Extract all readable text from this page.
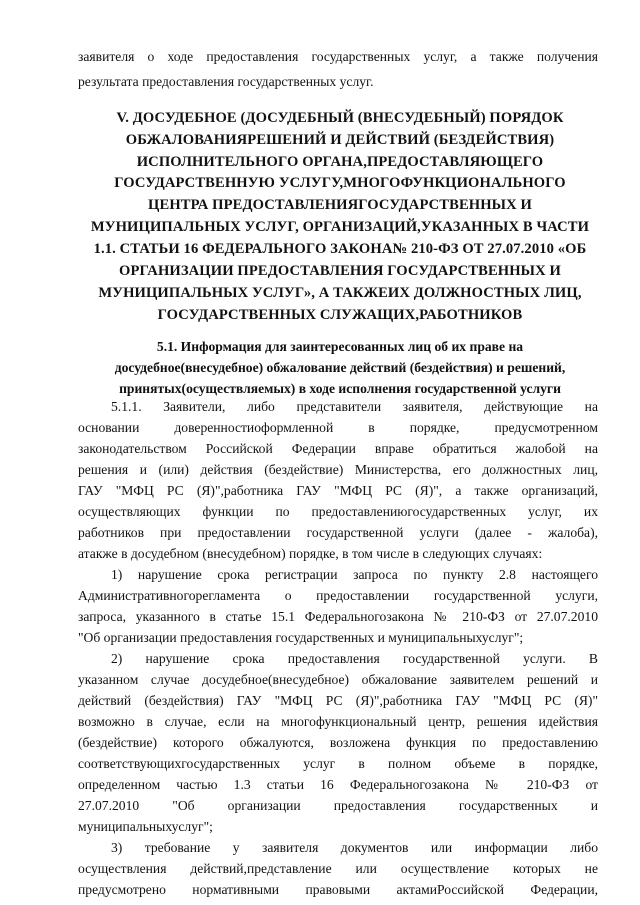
заявителя о ходе предоставления государственных услуг, а также получения
результата предоставления государственных услуг.
V. ДОСУДЕБНОЕ (ДОСУДЕБНЫЙ (ВНЕСУДЕБНЫЙ) ПОРЯДОК
ОБЖАЛОВАНИЯРЕШЕНИЙ И ДЕЙСТВИЙ (БЕЗДЕЙСТВИЯ)
ИСПОЛНИТЕЛЬНОГО ОРГАНА,ПРЕДОСТАВЛЯЮЩЕГО
ГОСУДАРСТВЕННУЮ УСЛУГУ,МНОГОФУНКЦИОНАЛЬНОГО
ЦЕНТРА ПРЕДОСТАВЛЕНИЯГОСУДАРСТВЕННЫХ И
МУНИЦИПАЛЬНЫХ УСЛУГ, ОРГАНИЗАЦИЙ,УКАЗАННЫХ В ЧАСТИ
1.1. СТАТЬИ 16 ФЕДЕРАЛЬНОГО ЗАКОНА№ 210-ФЗ ОТ 27.07.2010 «ОБ
ОРГАНИЗАЦИИ ПРЕДОСТАВЛЕНИЯ ГОСУДАРСТВЕННЫХ И
МУНИЦИПАЛЬНЫХ УСЛУГ», А ТАКЖЕИХ ДОЛЖНОСТНЫХ ЛИЦ,
ГОСУДАРСТВЕННЫХ СЛУЖАЩИХ,РАБОТНИКОВ
5.1. Информация для заинтересованных лиц об их праве на
досудебное(внесудебное) обжалование действий (бездействия) и решений,
принятых(осуществляемых) в ходе исполнения государственной услуги
5.1.1. Заявители, либо представители заявителя, действующие на
основании доверенностиоформленной в порядке, предусмотренном
законодательством Российской Федерации вправе обратиться жалобой на
решения и (или) действия (бездействие) Министерства, его должностных лиц,
ГАУ "МФЦ РС (Я)",работника ГАУ "МФЦ РС (Я)", а также организаций,
осуществляющих функции по предоставлениюгосударственных услуг, их
работников при предоставлении государственной услуги (далее - жалоба),
атакже в досудебном (внесудебном) порядке, в том числе в следующих случаях:
1) нарушение срока регистрации запроса по пункту 2.8 настоящего
Административногорегламента о предоставлении государственной услуги,
запроса, указанного в статье 15.1 Федеральногозакона № 210-ФЗ от 27.07.2010
"Об организации предоставления государственных и муниципальныхуслуг";
2) нарушение срока предоставления государственной услуги. В
указанном случае досудебное(внесудебное) обжалование заявителем решений и
действий (бездействия) ГАУ "МФЦ РС (Я)",работника ГАУ "МФЦ РС (Я)"
возможно в случае, если на многофункциональный центр, решения идействия
(бездействие) которого обжалуются, возложена функция по предоставлению
соответствующихгосударственных услуг в полном объеме в порядке,
определенном частью 1.3 статьи 16 Федеральногозакона № 210-ФЗ от
27.07.2010 "Об организации предоставления государственных и
муниципальныхуслуг";
3) требование у заявителя документов или информации либо
осуществления действий,представление или осуществление которых не
предусмотрено нормативными правовыми актамиРоссийской Федерации,
